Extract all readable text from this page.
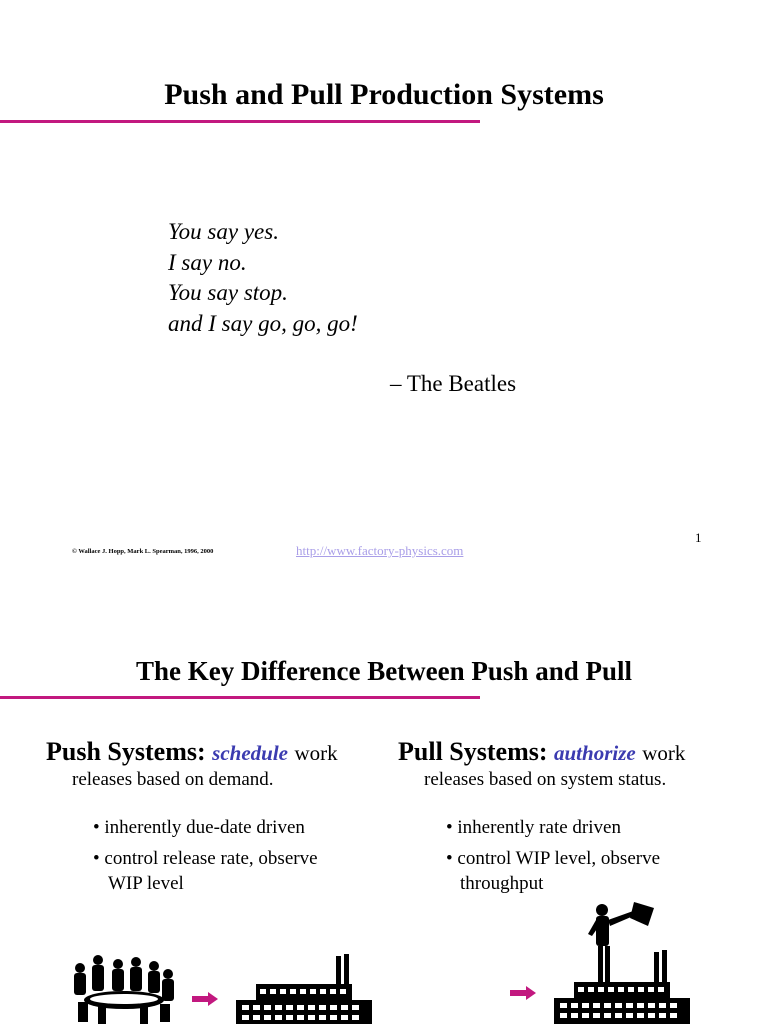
Push and Pull Production Systems
You say yes.
I say no.
You say stop.
and I say go, go, go!
– The Beatles
© Wallace J. Hopp, Mark L. Spearman, 1996, 2000	http://www.factory-physics.com
1
The Key Difference Between Push and Pull
Push Systems: schedule work
releases based on demand.
• inherently due-date driven
• control release rate, observe
WIP level
Pull Systems: authorize work
releases based on system status.
• inherently rate driven
• control WIP level, observe
throughput
